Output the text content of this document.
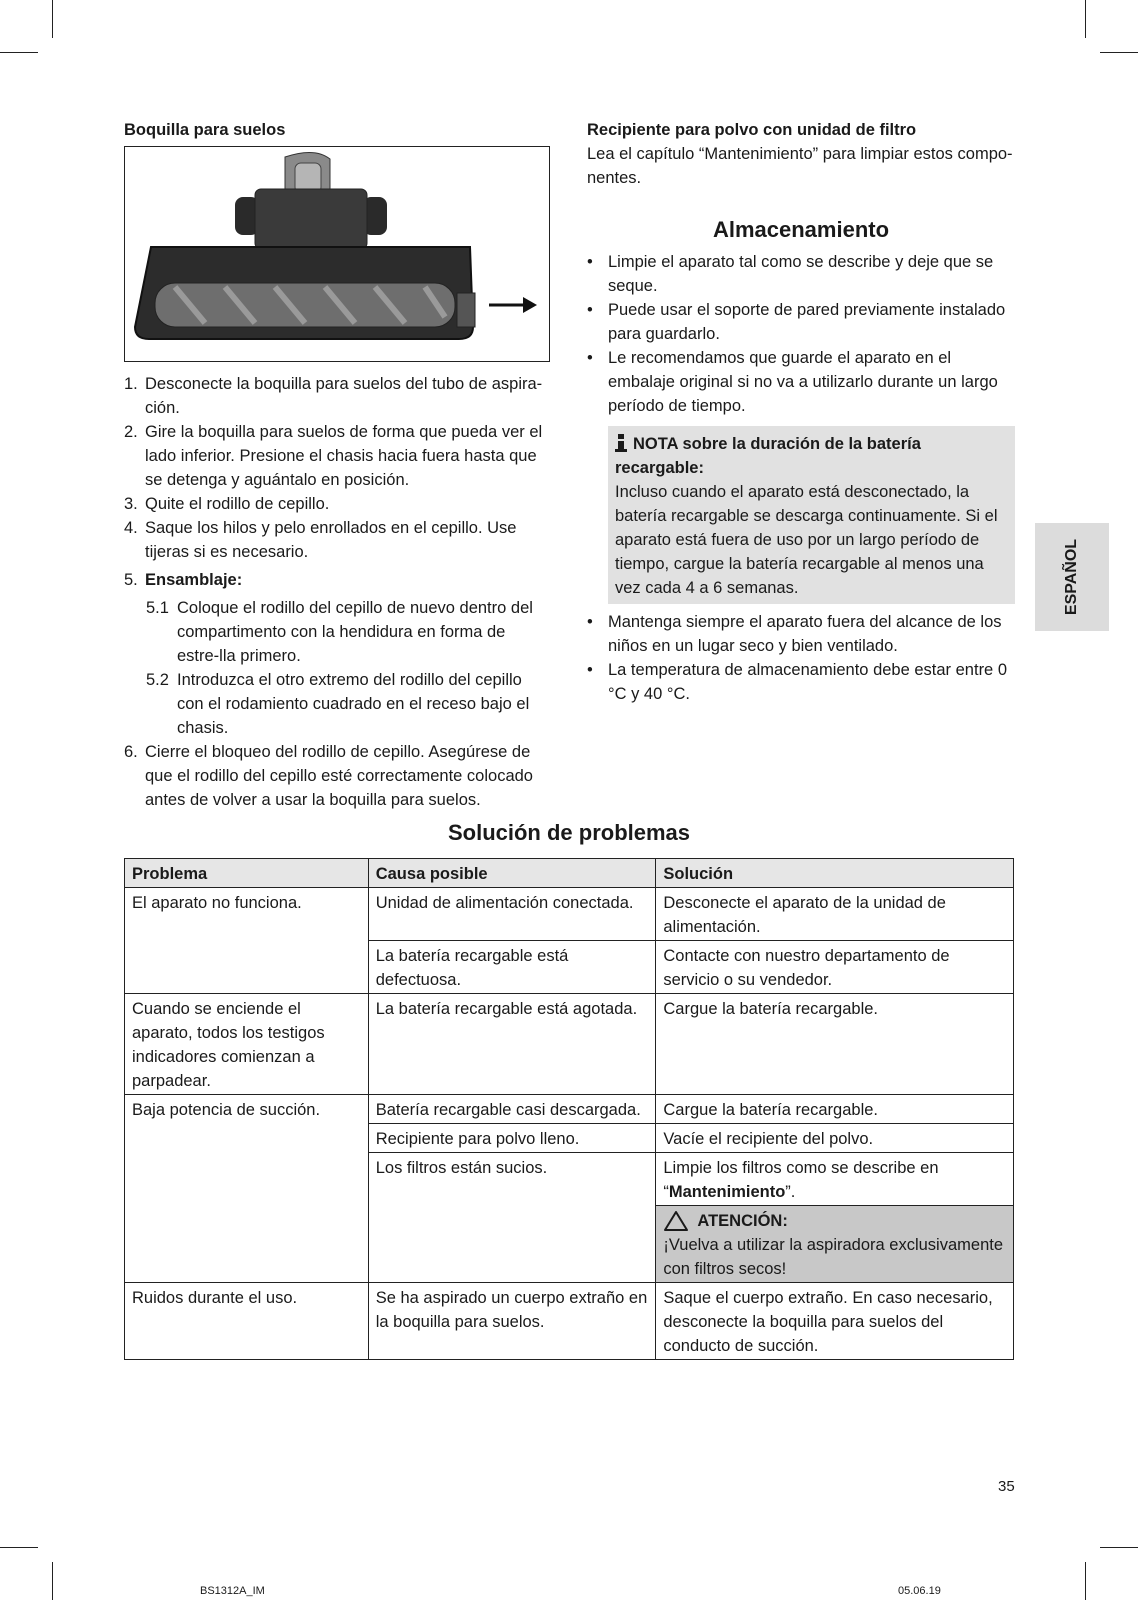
Boquilla para suelos
1. Desconecte la boquilla para suelos del tubo de aspira-ción.
2. Gire la boquilla para suelos de forma que pueda ver el lado inferior. Presione el chasis hacia fuera hasta que se detenga y aguántalo en posición.
3. Quite el rodillo de cepillo.
4. Saque los hilos y pelo enrollados en el cepillo. Use tijeras si es necesario.
5. Ensamblaje:
5.1 Coloque el rodillo del cepillo de nuevo dentro del compartimento con la hendidura en forma de estre-lla primero.
5.2 Introduzca el otro extremo del rodillo del cepillo con el rodamiento cuadrado en el receso bajo el chasis.
6. Cierre el bloqueo del rodillo de cepillo. Asegúrese de que el rodillo del cepillo esté correctamente colocado antes de volver a usar la boquilla para suelos.
Recipiente para polvo con unidad de filtro

Lea el capítulo “Mantenimiento” para limpiar estos compo-nentes.

Almacenamiento
• Limpie el aparato tal como se describe y deje que se seque.
• Puede usar el soporte de pared previamente instalado para guardarlo.
• Le recomendamos que guarde el aparato en el embalaje original si no va a utilizarlo durante un largo período de tiempo.
NOTA sobre la duración de la batería recargable:

Incluso cuando el aparato está desconectado, la batería recargable se descarga continuamente. Si el aparato está fuera de uso por un largo período de tiempo, cargue la batería recargable al menos una vez cada 4 a 6 semanas.

• Mantenga siempre el aparato fuera del alcance de los niños en un lugar seco y bien ventilado.
• La temperatura de almacenamiento debe estar entre 0 °C y 40 °C.
ESPAÑOL
Solución de problemas
Problema	Causa posible	Solución
El aparato no funciona.	Unidad de alimentación conectada.	Desconecte el aparato de la unidad de alimentación.
	La batería recargable está defectuosa.	Contacte con nuestro departamento de servicio o su vendedor.
Cuando se enciende el aparato, todos los testigos indicadores comienzan a parpadear.	La batería recargable está agotada.	Cargue la batería recargable.
Baja potencia de succión.	Batería recargable casi descargada.	Cargue la batería recargable.
	Recipiente para polvo lleno.	Vacíe el recipiente del polvo.
	Los filtros están sucios.	Limpie los filtros como se describe en “Mantenimiento”.

		ATENCIÓN:

¡Vuelva a utilizar la aspiradora exclusivamente con filtros secos!

Ruidos durante el uso.	Se ha aspirado un cuerpo extraño en la boquilla para suelos.	Saque el cuerpo extraño. En caso necesario, desconecte la boquilla para suelos del conducto de succión.
35
BS1312A_IM	05.06.19
